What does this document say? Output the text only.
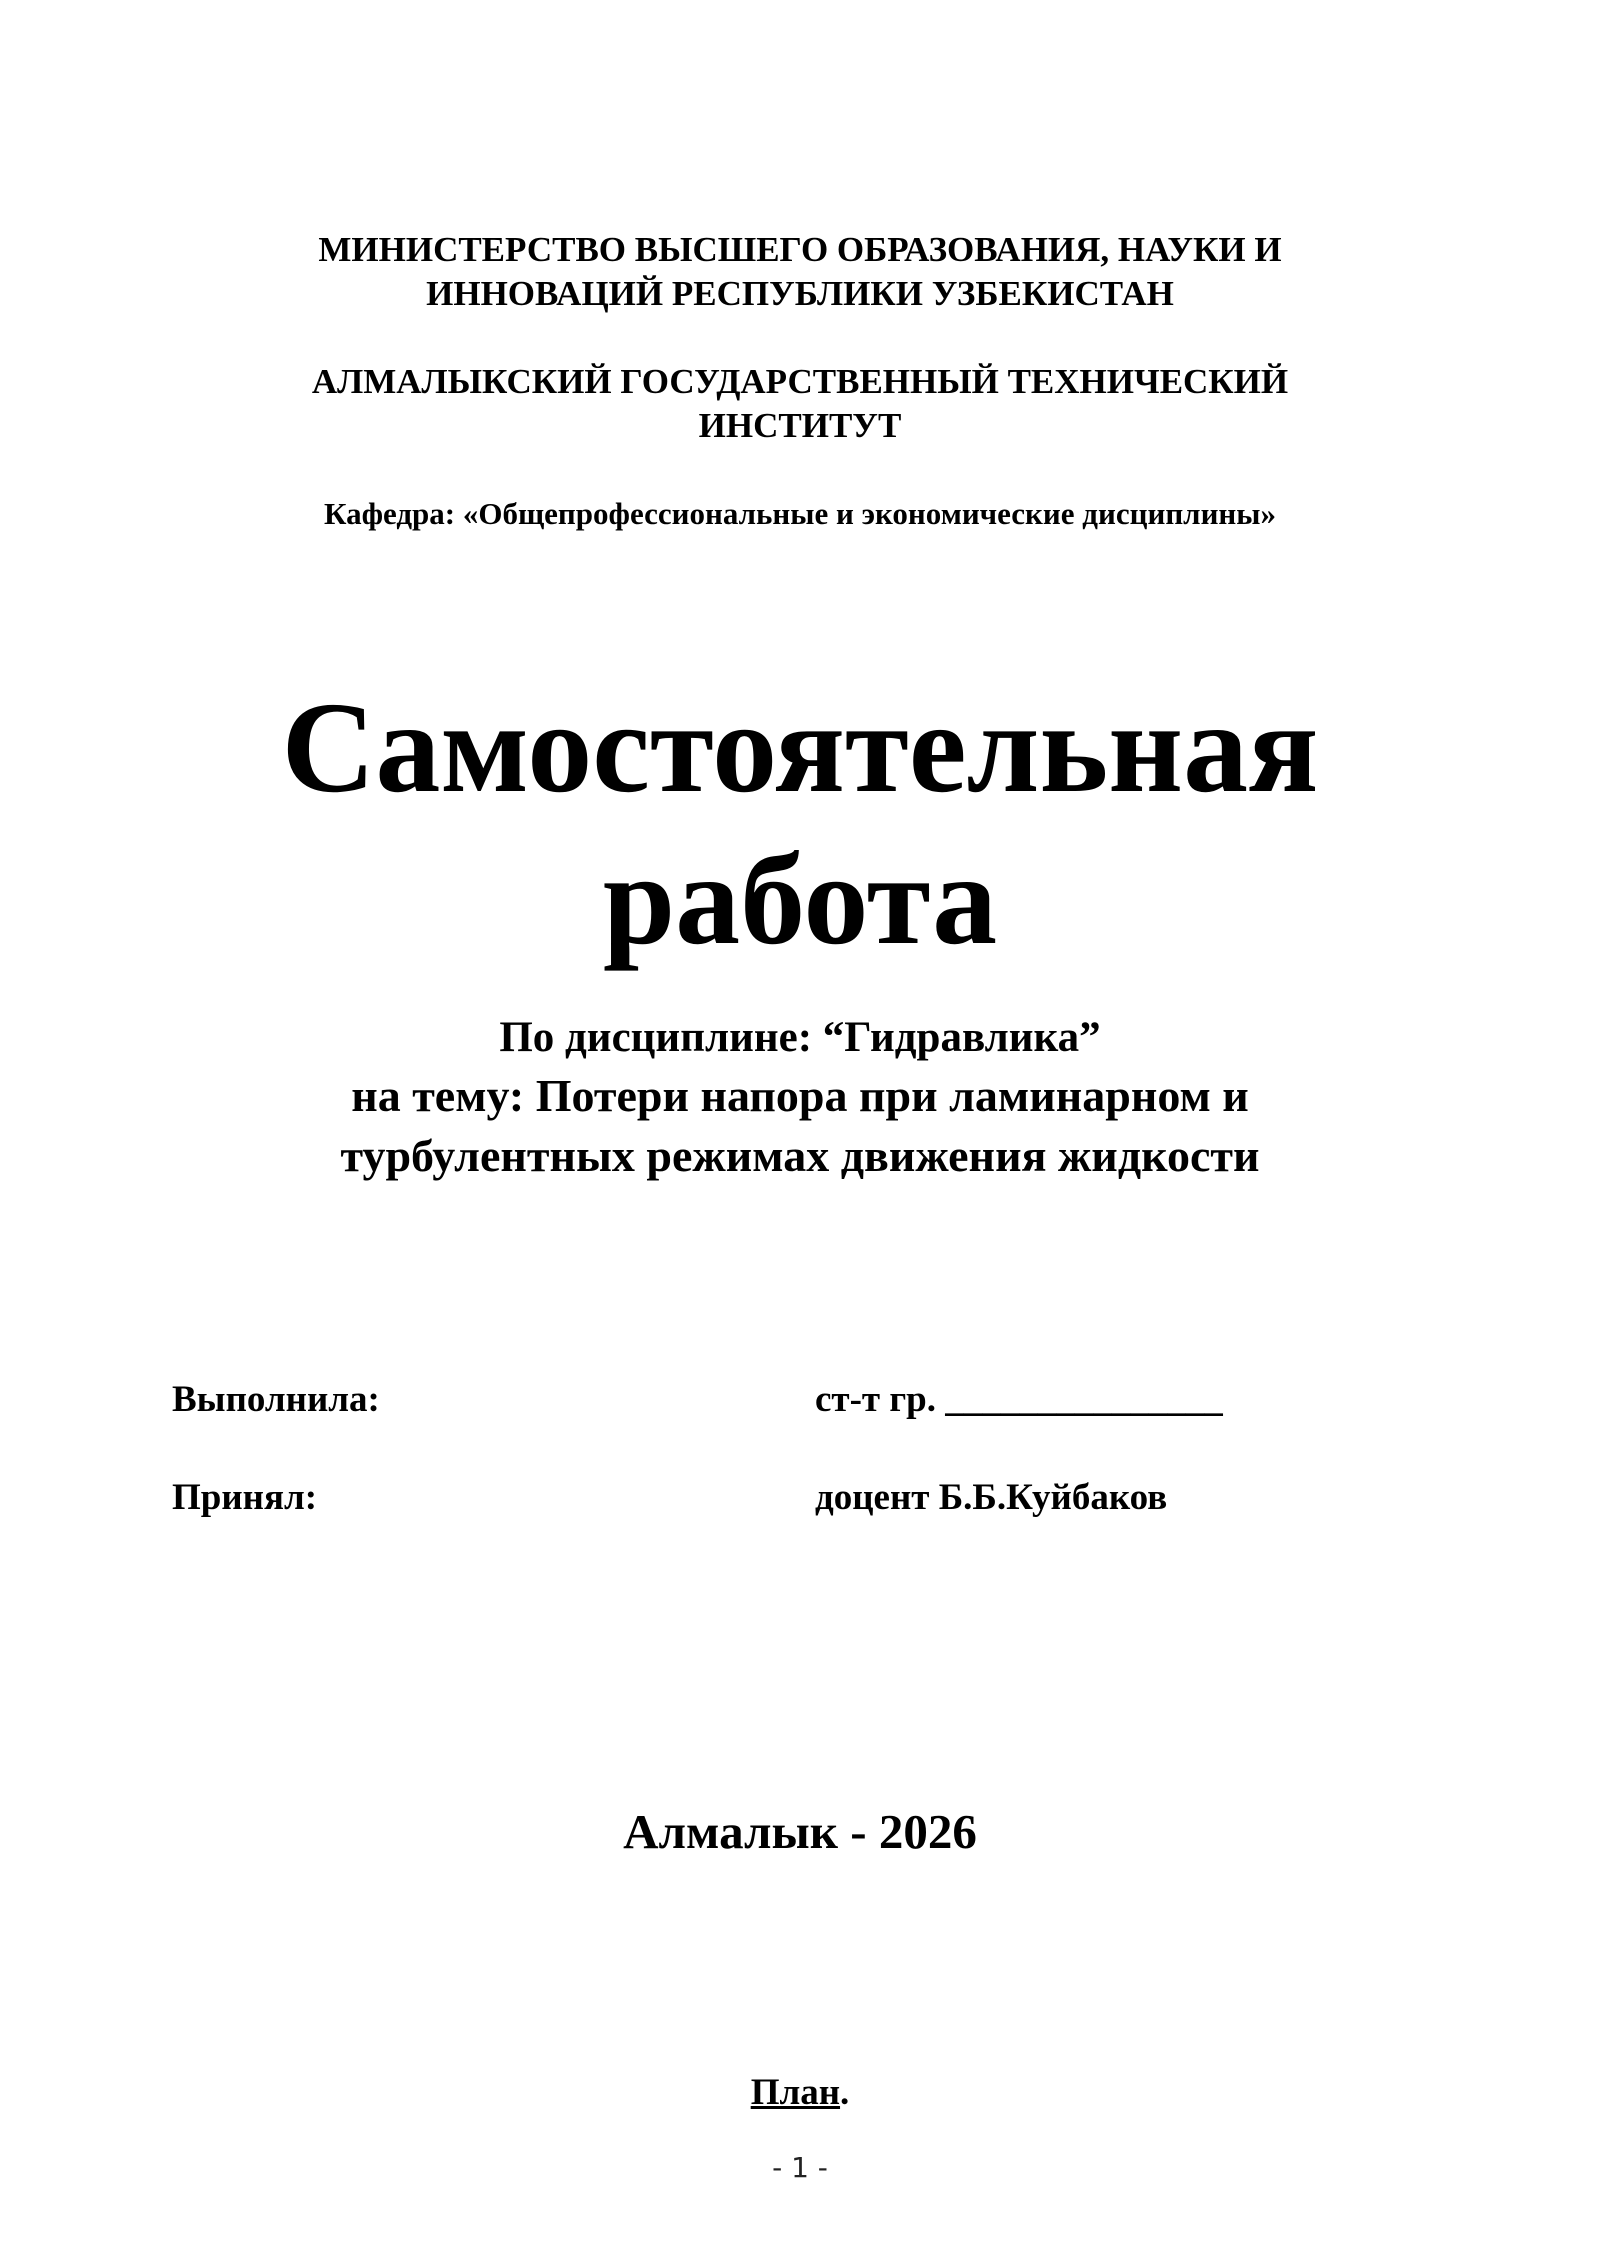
МИНИСТЕРСТВО ВЫСШЕГО ОБРАЗОВАНИЯ, НАУКИ И
ИННОВАЦИЙ РЕСПУБЛИКИ УЗБЕКИСТАН
АЛМАЛЫКСКИЙ ГОСУДАРСТВЕННЫЙ ТЕХНИЧЕСКИЙ
ИНСТИТУТ
Кафедра: «Общепрофессиональные и экономические дисциплины»
Самостоятельная
работа
По дисциплине: “Гидравлика”
на тему: Потери напора при ламинарном и
турбулентных режимах движения жидкости
Выполнила:	ст-т гр. _______________
Принял:	доцент Б.Б.Куйбаков
Алмалык - 2026
План.
- 1 -
